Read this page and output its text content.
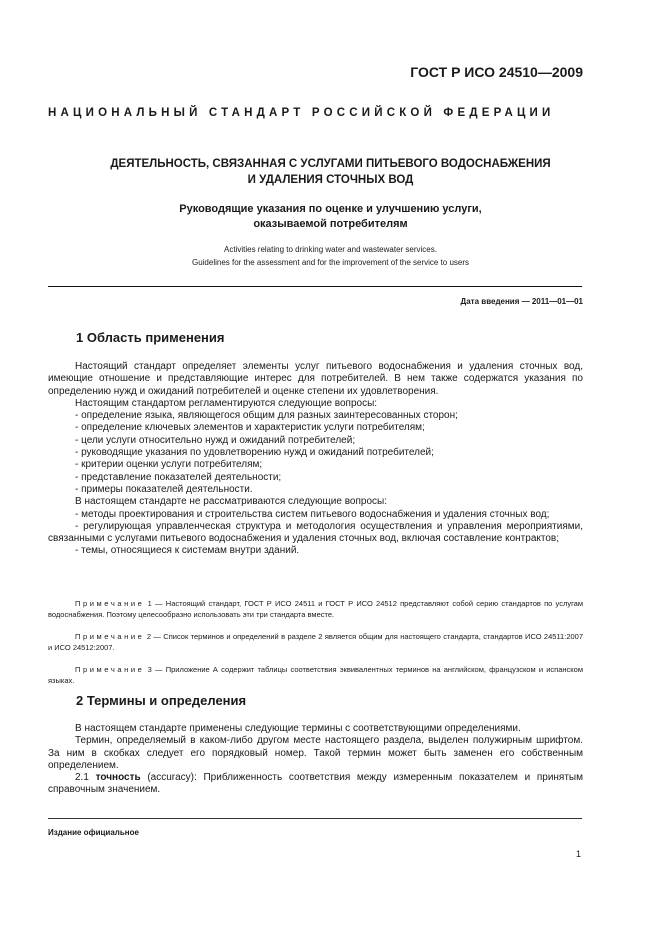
ГОСТ Р ИСО 24510—2009
НАЦИОНАЛЬНЫЙ СТАНДАРТ РОССИЙСКОЙ ФЕДЕРАЦИИ
ДЕЯТЕЛЬНОСТЬ, СВЯЗАННАЯ С УСЛУГАМИ ПИТЬЕВОГО ВОДОСНАБЖЕНИЯ
И УДАЛЕНИЯ СТОЧНЫХ ВОД
Руководящие указания по оценке и улучшению услуги,
оказываемой потребителям
Activities relating to drinking water and wastewater services.
Guidelines for the assessment and for the improvement of the service to users
Дата введения — 2011—01—01
1 Область применения

Настоящий стандарт определяет элементы услуг питьевого водоснабжения и удаления сточных вод, имеющие отношение и представляющие интерес для потребителей. В нем также содержатся указания по определению нужд и ожиданий потребителей и оценке степени их удовлетворения.

Настоящим стандартом регламентируются следующие вопросы:

- определение языка, являющегося общим для разных заинтересованных сторон;

- определение ключевых элементов и характеристик услуги потребителям;

- цели услуги относительно нужд и ожиданий потребителей;

- руководящие указания по удовлетворению нужд и ожиданий потребителей;

- критерии оценки услуги потребителям;

- представление показателей деятельности;

- примеры показателей деятельности.

В настоящем стандарте не рассматриваются следующие вопросы:

- методы проектирования и строительства систем питьевого водоснабжения и удаления сточных вод;

- регулирующая управленческая структура и методология осуществления и управления мероприятиями, связанными с услугами питьевого водоснабжения и удаления сточных вод, включая составление контрактов;

- темы, относящиеся к системам внутри зданий.

Примечание 1 — Настоящий стандарт, ГОСТ Р ИСО 24511 и ГОСТ Р ИСО 24512 представляют собой серию стандартов по услугам водоснабжения. Поэтому целесообразно использовать эти три стандарта вместе.

Примечание 2 — Список терминов и определений в разделе 2 является общим для настоящего стандарта, стандартов ИСО 24511:2007 и ИСО 24512:2007.

Примечание 3 — Приложение А содержит таблицы соответствия эквивалентных терминов на английском, французском и испанском языках.

2 Термины и определения

В настоящем стандарте применены следующие термины с соответствующими определениями.

Термин, определяемый в каком-либо другом месте настоящего раздела, выделен полужирным шрифтом. За ним в скобках следует его порядковый номер. Такой термин может быть заменен его собственным определением.

2.1 точность (accuracy): Приближенность соответствия между измеренным показателем и принятым справочным значением.

Издание официальное
1
